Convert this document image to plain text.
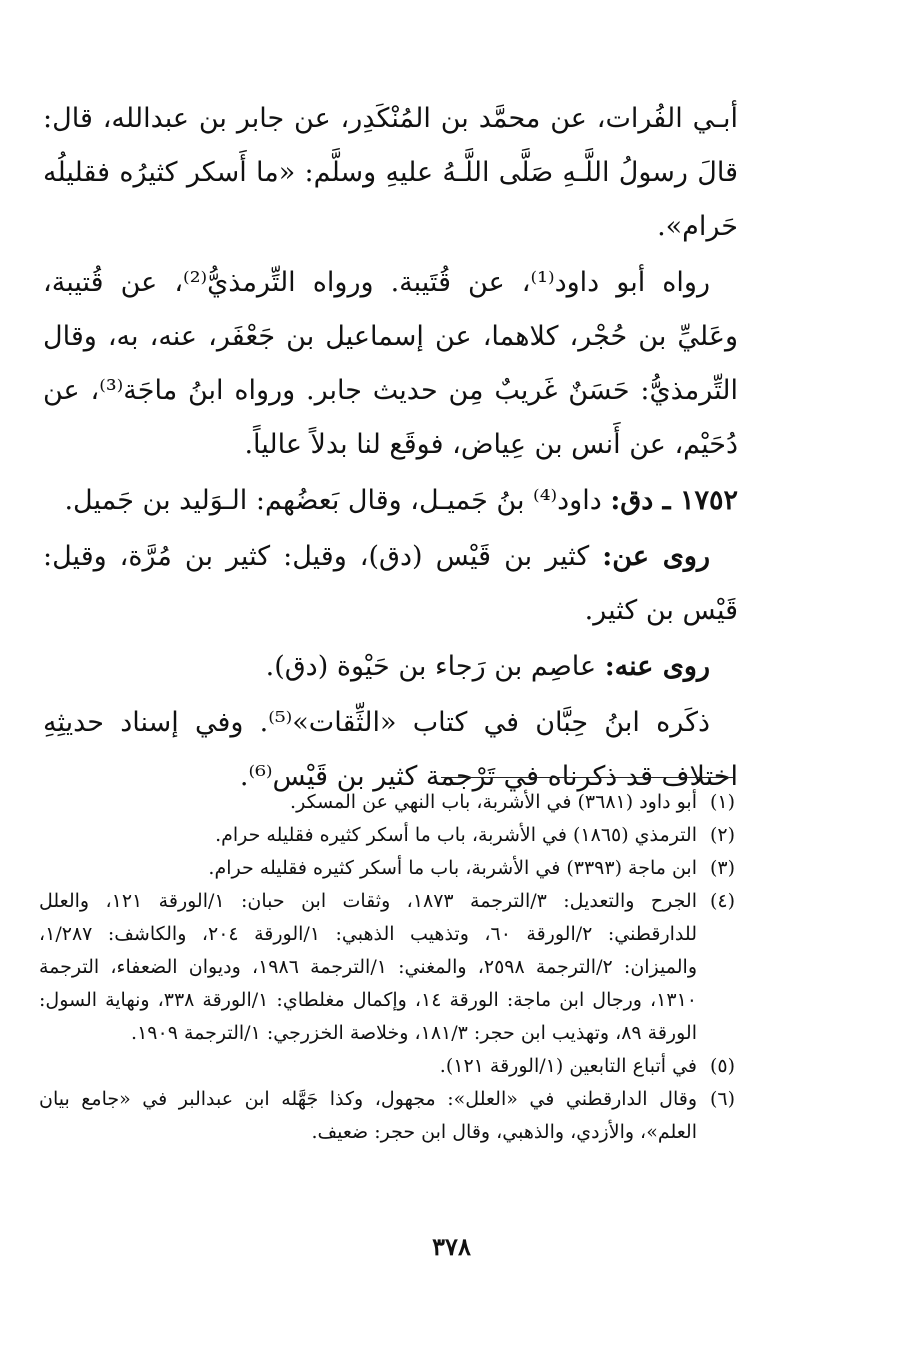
أبـي الفُرات، عن محمَّد بن المُنْكَدِر، عن جابر بن عبدالله، قال: قالَ رسولُ اللَّـهِ صَلَّى اللَّـهُ عليهِ وسلَّم: «ما أَسكر كثيرُه فقليلُه حَرام».

رواه أبو داود⁽¹⁾، عن قُتَيبة. ورواه التِّرمذيُّ⁽²⁾، عن قُتيبة، وعَليِّ بن حُجْر، كلاهما، عن إسماعيل بن جَعْفَر، عنه، به، وقال التِّرمذيُّ: حَسَنٌ غَريبٌ مِن حديث جابر. ورواه ابنُ ماجَة⁽³⁾، عن دُحَيْم، عن أَنس بن عِياض، فوقَع لنا بدلاً عالياً.

١٧٥٢ ـ دق: داود⁽⁴⁾ بنُ جَميـل، وقال بَعضُهم: الـوَليد بن جَميل.

روى عن: كثير بن قَيْس (دق)، وقيل: كثير بن مُرَّة، وقيل: قَيْس بن كثير.

روى عنه: عاصِم بن رَجاء بن حَيْوة (دق).

ذكَره ابنُ حِبَّان في كتاب «الثِّقات»⁽⁵⁾. وفي إسناد حديثِهِ اختلاف قد ذكرناه في تَرْجمة كثير بن قَيْس⁽⁶⁾.

(١)
أبو داود (٣٦٨١) في الأشربة، باب النهي عن المسكر.
(٢)
الترمذي (١٨٦٥) في الأشربة، باب ما أسكر كثيره فقليله حرام.
(٣)
ابن ماجة (٣٣٩٣) في الأشربة، باب ما أسكر كثيره فقليله حرام.
(٤)
الجرح والتعديل: ٣/الترجمة ١٨٧٣، وثقات ابن حبان: ١/الورقة ١٢١، والعلل للدارقطني: ٢/الورقة ٦٠، وتذهيب الذهبي: ١/الورقة ٢٠٤، والكاشف: ١/٢٨٧، والميزان: ٢/الترجمة ٢٥٩٨، والمغني: ١/الترجمة ١٩٨٦، وديوان الضعفاء، الترجمة ١٣١٠، ورجال ابن ماجة: الورقة ١٤، وإكمال مغلطاي: ١/الورقة ٣٣٨، ونهاية السول: الورقة ٨٩، وتهذيب ابن حجر: ١٨١/٣، وخلاصة الخزرجي: ١/الترجمة ١٩٠٩.
(٥)
في أتباع التابعين (١/الورقة ١٢١).
(٦)
وقال الدارقطني في «العلل»: مجهول، وكذا جَهَّله ابن عبدالبر في «جامع بيان العلم»، والأزدي، والذهبي، وقال ابن حجر: ضعيف.
٣٧٨
